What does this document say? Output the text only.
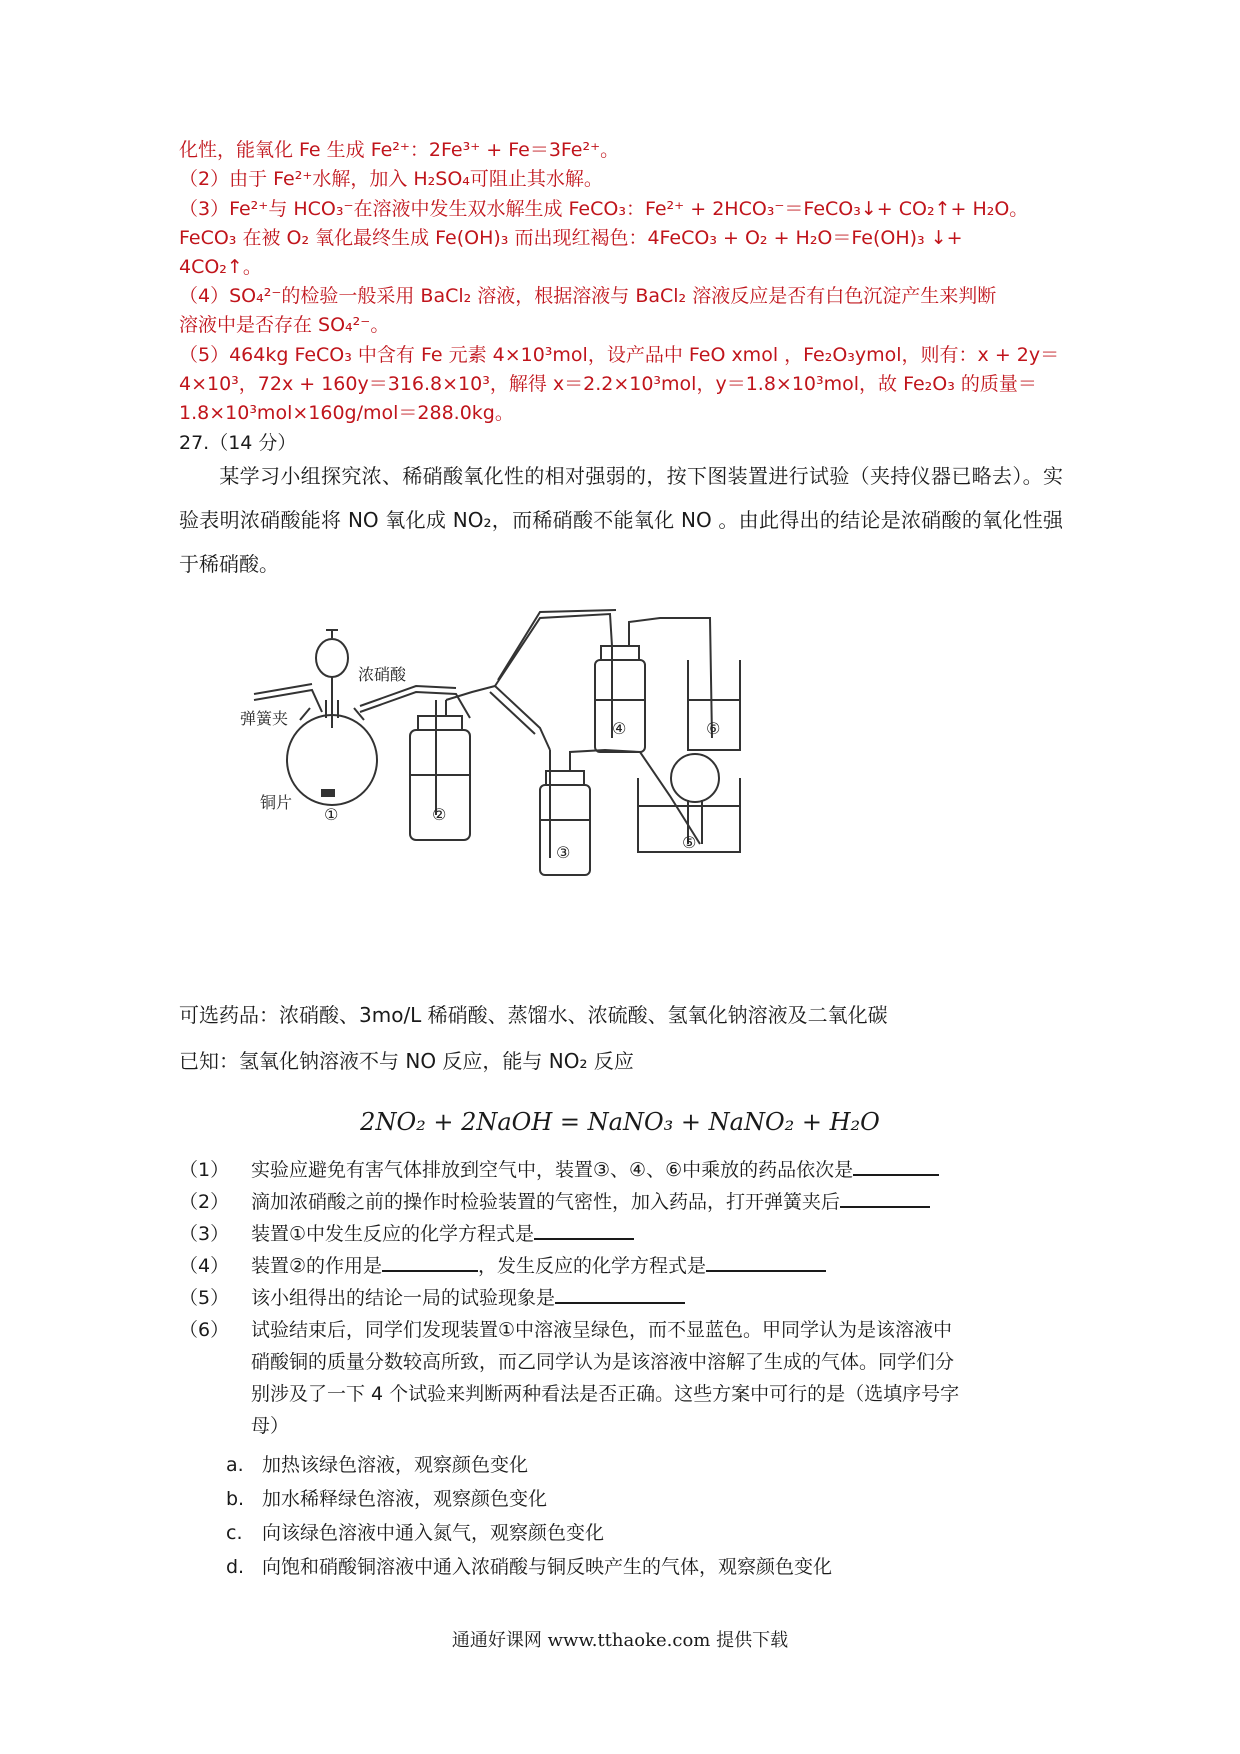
化性，能氧化 Fe 生成 Fe²⁺：2Fe³⁺ + Fe＝3Fe²⁺。
（2）由于 Fe²⁺水解，加入 H₂SO₄可阻止其水解。
（3）Fe²⁺与 HCO₃⁻在溶液中发生双水解生成 FeCO₃：Fe²⁺ + 2HCO₃⁻＝FeCO₃↓+ CO₂↑+ H₂O。
FeCO₃ 在被 O₂ 氧化最终生成 Fe(OH)₃ 而出现红褐色：4FeCO₃ + O₂ + H₂O＝Fe(OH)₃ ↓+
4CO₂↑。
（4）SO₄²⁻的检验一般采用 BaCl₂ 溶液，根据溶液与 BaCl₂ 溶液反应是否有白色沉淀产生来判断
溶液中是否存在 SO₄²⁻。
（5）464kg FeCO₃ 中含有 Fe 元素 4×10³mol，设产品中 FeO xmol ，Fe₂O₃ymol，则有：x + 2y＝
4×10³，72x + 160y＝316.8×10³，解得 x＝2.2×10³mol，y＝1.8×10³mol，故 Fe₂O₃ 的质量＝
1.8×10³mol×160g/mol＝288.0kg。
27.（14 分）
某学习小组探究浓、稀硝酸氧化性的相对强弱的，按下图装置进行试验（夹持仪器已略去）。实验表明浓硝酸能将 NO 氧化成 NO₂，而稀硝酸不能氧化 NO 。由此得出的结论是浓硝酸的氧化性强于稀硝酸。
浓硝酸
弹簧夹
铜片
①	②
③
④
⑤
⑥
可选药品：浓硝酸、3mo/L 稀硝酸、蒸馏水、浓硫酸、氢氧化钠溶液及二氧化碳
已知：氢氧化钠溶液不与 NO 反应，能与 NO₂ 反应
2NO₂ + 2NaOH = NaNO₃ + NaNO₂ + H₂O
（1） 实验应避免有害气体排放到空气中，装置③、④、⑥中乘放的药品依次是
（2） 滴加浓硝酸之前的操作时检验装置的气密性，加入药品，打开弹簧夹后
（3） 装置①中发生反应的化学方程式是
（4） 装置②的作用是	，发生反应的化学方程式是
（5） 该小组得出的结论一局的试验现象是
（6） 试验结束后，同学们发现装置①中溶液呈绿色，而不显蓝色。甲同学认为是该溶液中
硝酸铜的质量分数较高所致，而乙同学认为是该溶液中溶解了生成的气体。同学们分
别涉及了一下 4 个试验来判断两种看法是否正确。这些方案中可行的是（选填序号字
母）
a. 加热该绿色溶液，观察颜色变化
b. 加水稀释绿色溶液，观察颜色变化
c. 向该绿色溶液中通入氮气，观察颜色变化
d. 向饱和硝酸铜溶液中通入浓硝酸与铜反映产生的气体，观察颜色变化
通通好课网 www.tthaoke.com 提供下载
